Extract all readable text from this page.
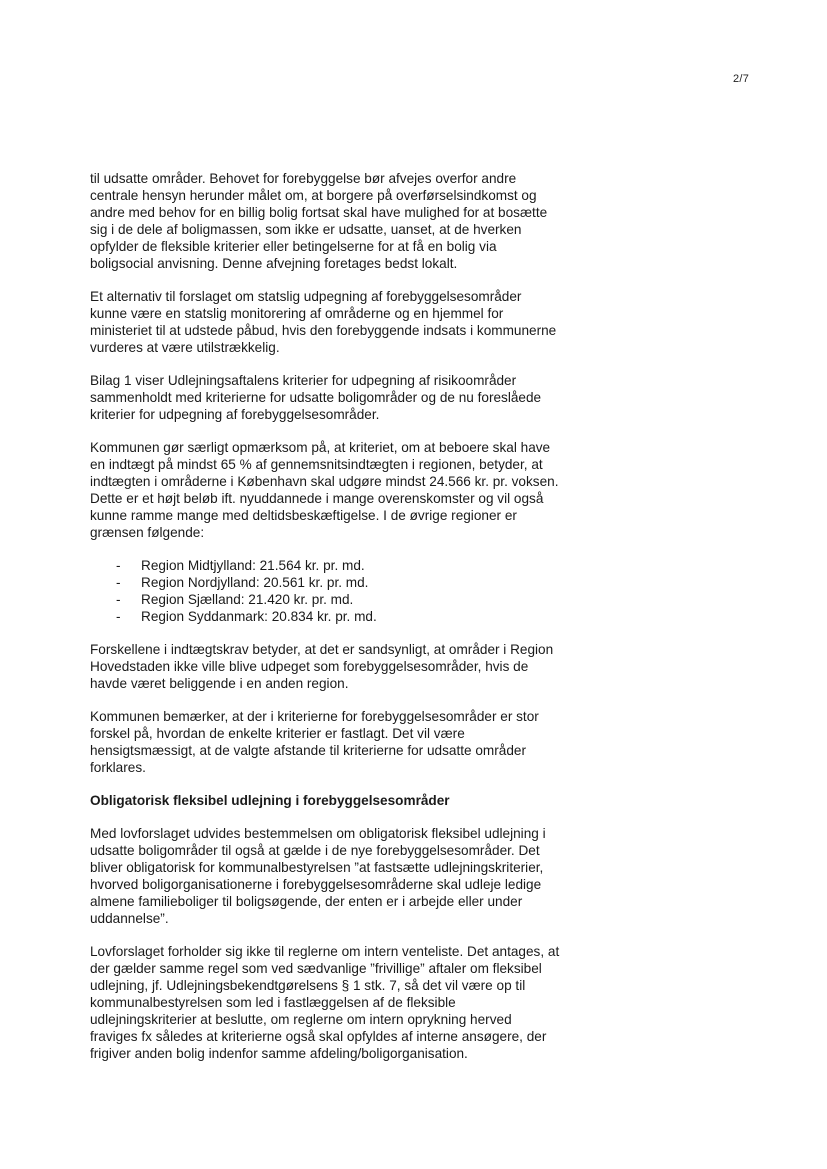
2/7

til udsatte områder. Behovet for forebyggelse bør afvejes overfor andre centrale hensyn herunder målet om, at borgere på overførselsindkomst og andre med behov for en billig bolig fortsat skal have mulighed for at bosætte sig i de dele af boligmassen, som ikke er udsatte, uanset, at de hverken opfylder de fleksible kriterier eller betingelserne for at få en bolig via boligsocial anvisning. Denne afvejning foretages bedst lokalt.

Et alternativ til forslaget om statslig udpegning af forebyggelsesområder kunne være en statslig monitorering af områderne og en hjemmel for ministeriet til at udstede påbud, hvis den forebyggende indsats i kommunerne vurderes at være utilstrækkelig.

Bilag 1 viser Udlejningsaftalens kriterier for udpegning af risikoområder sammenholdt med kriterierne for udsatte boligområder og de nu foreslåede kriterier for udpegning af forebyggelsesområder.

Kommunen gør særligt opmærksom på, at kriteriet, om at beboere skal have en indtægt på mindst 65 % af gennemsnitsindtægten i regionen, betyder, at indtægten i områderne i København skal udgøre mindst 24.566 kr. pr. voksen. Dette er et højt beløb ift. nyuddannede i mange overenskomster og vil også kunne ramme mange med deltidsbeskæftigelse. I de øvrige regioner er grænsen følgende:

- Region Midtjylland: 21.564 kr. pr. md.
- Region Nordjylland: 20.561 kr. pr. md.
- Region Sjælland: 21.420 kr. pr. md.
- Region Syddanmark: 20.834 kr. pr. md.

Forskellene i indtægtskrav betyder, at det er sandsynligt, at områder i Region Hovedstaden ikke ville blive udpeget som forebyggelsesområder, hvis de havde været beliggende i en anden region.

Kommunen bemærker, at der i kriterierne for forebyggelsesområder er stor forskel på, hvordan de enkelte kriterier er fastlagt. Det vil være hensigtsmæssigt, at de valgte afstande til kriterierne for udsatte områder forklares.

Obligatorisk fleksibel udlejning i forebyggelsesområder

Med lovforslaget udvides bestemmelsen om obligatorisk fleksibel udlejning i udsatte boligområder til også at gælde i de nye forebyggelsesområder. Det bliver obligatorisk for kommunalbestyrelsen ”at fastsætte udlejningskriterier, hvorved boligorganisationerne i forebyggelsesområderne skal udleje ledige almene familieboliger til boligsøgende, der enten er i arbejde eller under uddannelse”.

Lovforslaget forholder sig ikke til reglerne om intern venteliste. Det antages, at der gælder samme regel som ved sædvanlige ”frivillige” aftaler om fleksibel udlejning, jf. Udlejningsbekendtgørelsens § 1 stk. 7, så det vil være op til kommunalbestyrelsen som led i fastlæggelsen af de fleksible udlejningskriterier at beslutte, om reglerne om intern oprykning herved fraviges fx således at kriterierne også skal opfyldes af interne ansøgere, der frigiver anden bolig indenfor samme afdeling/boligorganisation.
